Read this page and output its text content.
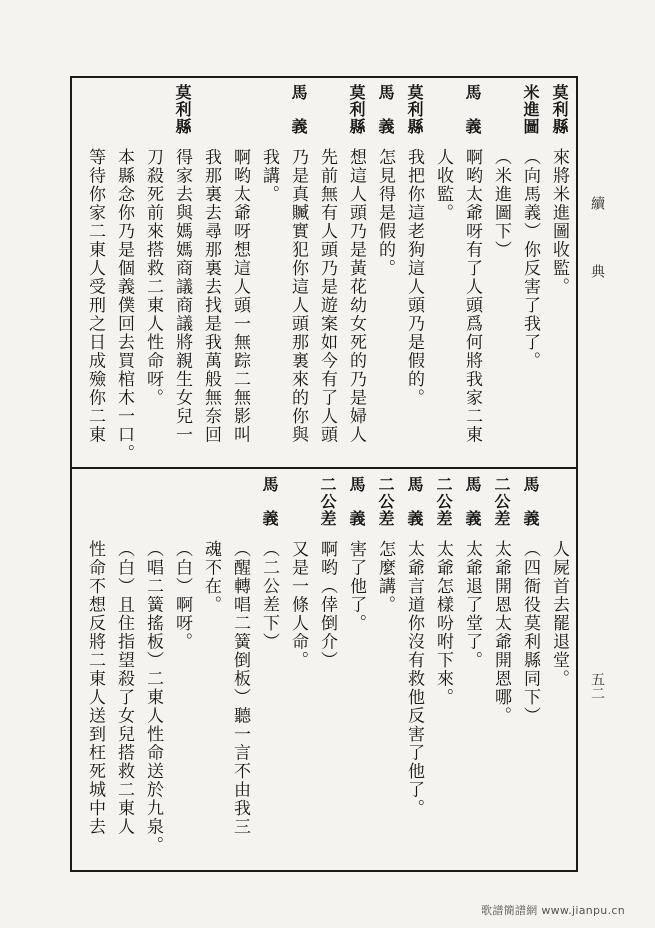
續
典
五二
來將米進圖收監。
（向馬義）你反害了我了。
（米進圖下）
啊哟太爺呀有了人頭爲何將我家二東
人收監。
我把你這老狗這人頭乃是假的。
怎見得是假的。
想這人頭乃是黃花幼女死的乃是婦人
先前無有人頭乃是遊案如今有了人頭
乃是真贓實犯你這人頭那裏來的你與
我講。
啊哟太爺呀想這人頭一無踪二無影叫
我那裏去尋那裏去找是我萬般無奈回
得家去與媽媽商議商議將親生女兒一
刀殺死前來搭救二東人性命呀。
本縣念你乃是個義僕回去買棺木一口。
等待你家二東人受刑之日成殮你二東
莫利縣
米進圖
馬　義
莫利縣
馬　義
莫利縣
馬　義
莫利縣
人屍首去罷退堂。
（四衙役莫利縣同下）
太爺開恩太爺開恩哪。
太爺退了堂了。
太爺怎樣吩咐下來。
太爺言道你沒有救他反害了他了。
怎麼講。
害了他了。
啊哟（倖倒介）
又是一條人命。
（二公差下）
（醒轉唱二簧倒板）聽一言不由我三
魂不在。
（白）啊呀。
（唱二簧搖板）二東人性命送於九泉。
（白）且住指望殺了女兒搭救二東人
性命不想反將二東人送到枉死城中去
馬　義
二公差
馬　義
二公差
馬　義
二公差
馬　義
二公差
馬　義
歌譜簡譜網 www.jianpu.cn
